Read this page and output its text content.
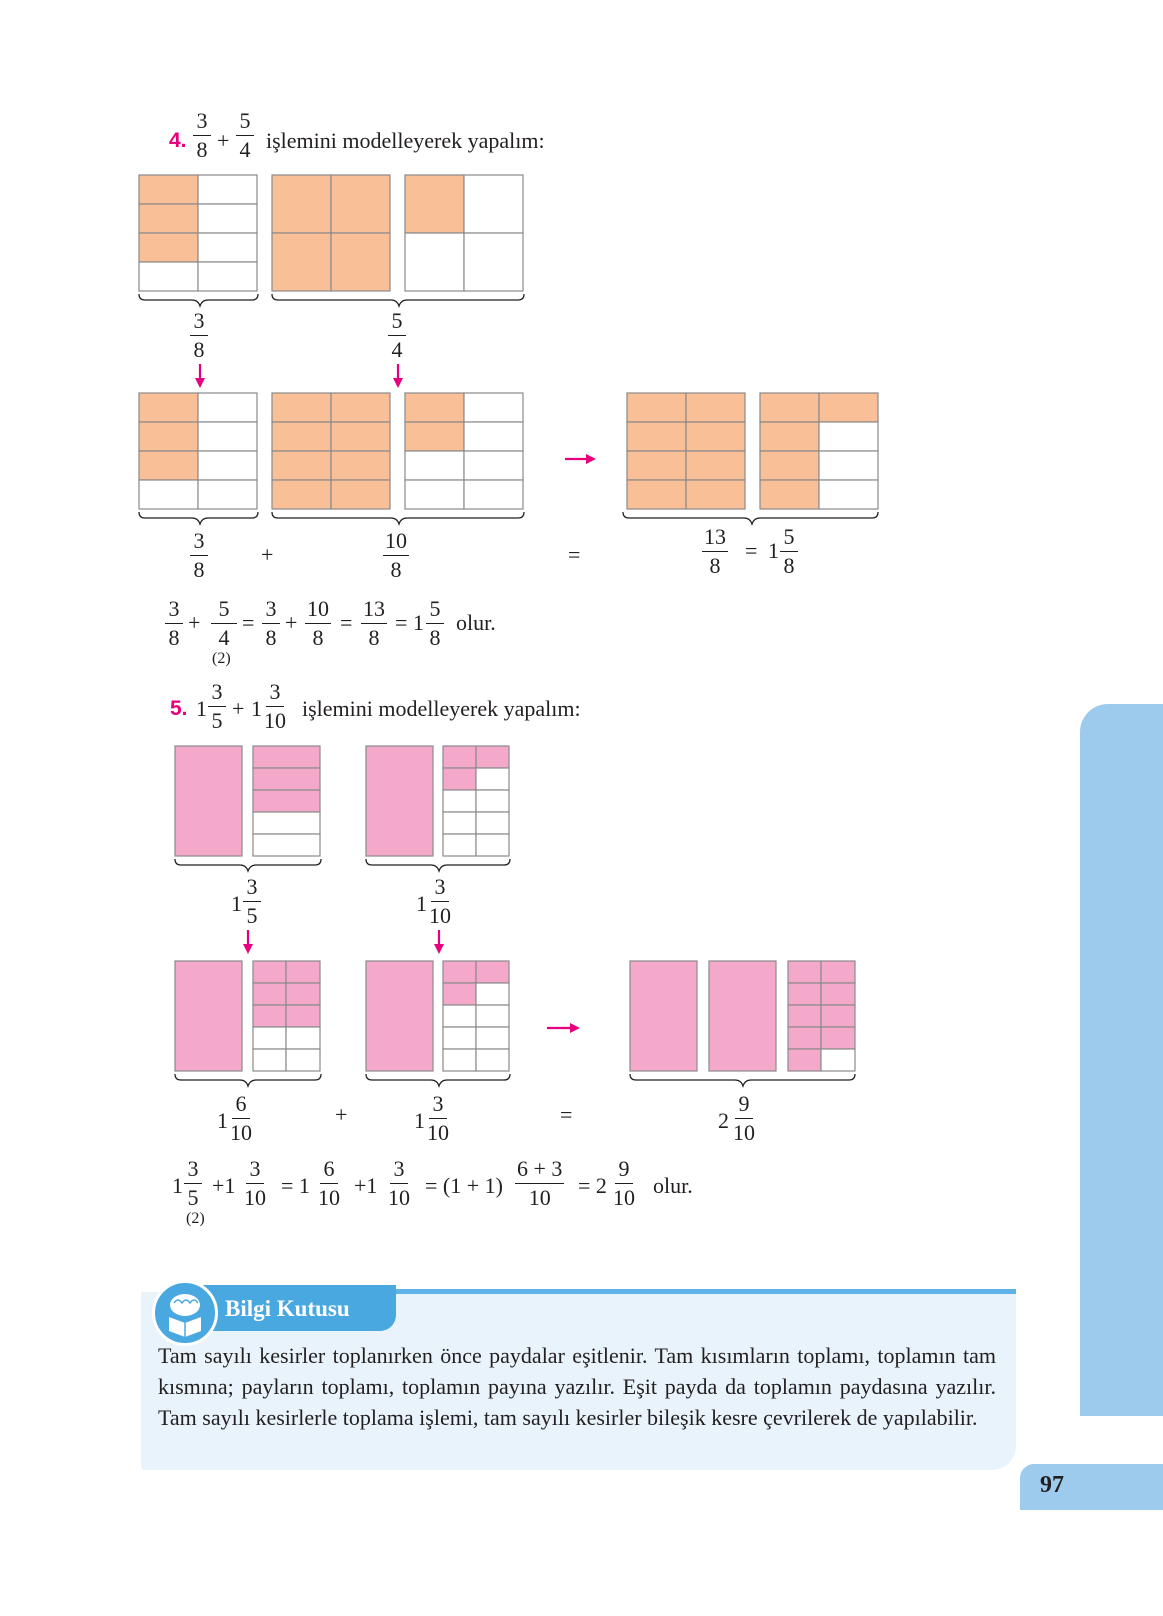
97
4. $\frac{3}{8} + \frac{5}{4}$ işlemini modelleyerek yapalım:
$\frac{3}{8}$	$\frac{5}{4}$
$\frac{3}{8}$ +	$\frac{10}{8}$	=	$\frac{13}{8} = 1 \frac{5}{8}$
$\frac{3}{8} + \frac{5}{4}$
(2)
= $\frac{3}{8} + \frac{10}{8} = \frac{13}{8} = 1 \frac{5}{8}$ olur.
5. $1 \frac{3}{5} + 1 \frac{3}{10}$ işlemini modelleyerek yapalım:
$1 \frac{3}{5}$	$1 \frac{3}{10}$
$1 \frac{6}{10}$	+	$1 \frac{3}{10}$	=	$2 \frac{9}{10}$
$1 \frac{3}{5}$
(2)
$+1 \frac{3}{10} = 1 \frac{6}{10} +1 \frac{3}{10} = (1 + 1) \frac{6 + 3}{10} = 2 \frac{9}{10}$ olur.
Bilgi Kutusu
Tam sayılı kesirler toplanırken önce paydalar eşitlenir. Tam kısımların toplamı, toplamın tam kısmına; payların toplamı, toplamın payına yazılır. Eşit payda da toplamın paydasına yazılır. Tam sayılı kesirlerle toplama işlemi, tam sayılı kesirler bileşik kesre çevrilerek de yapılabilir.
